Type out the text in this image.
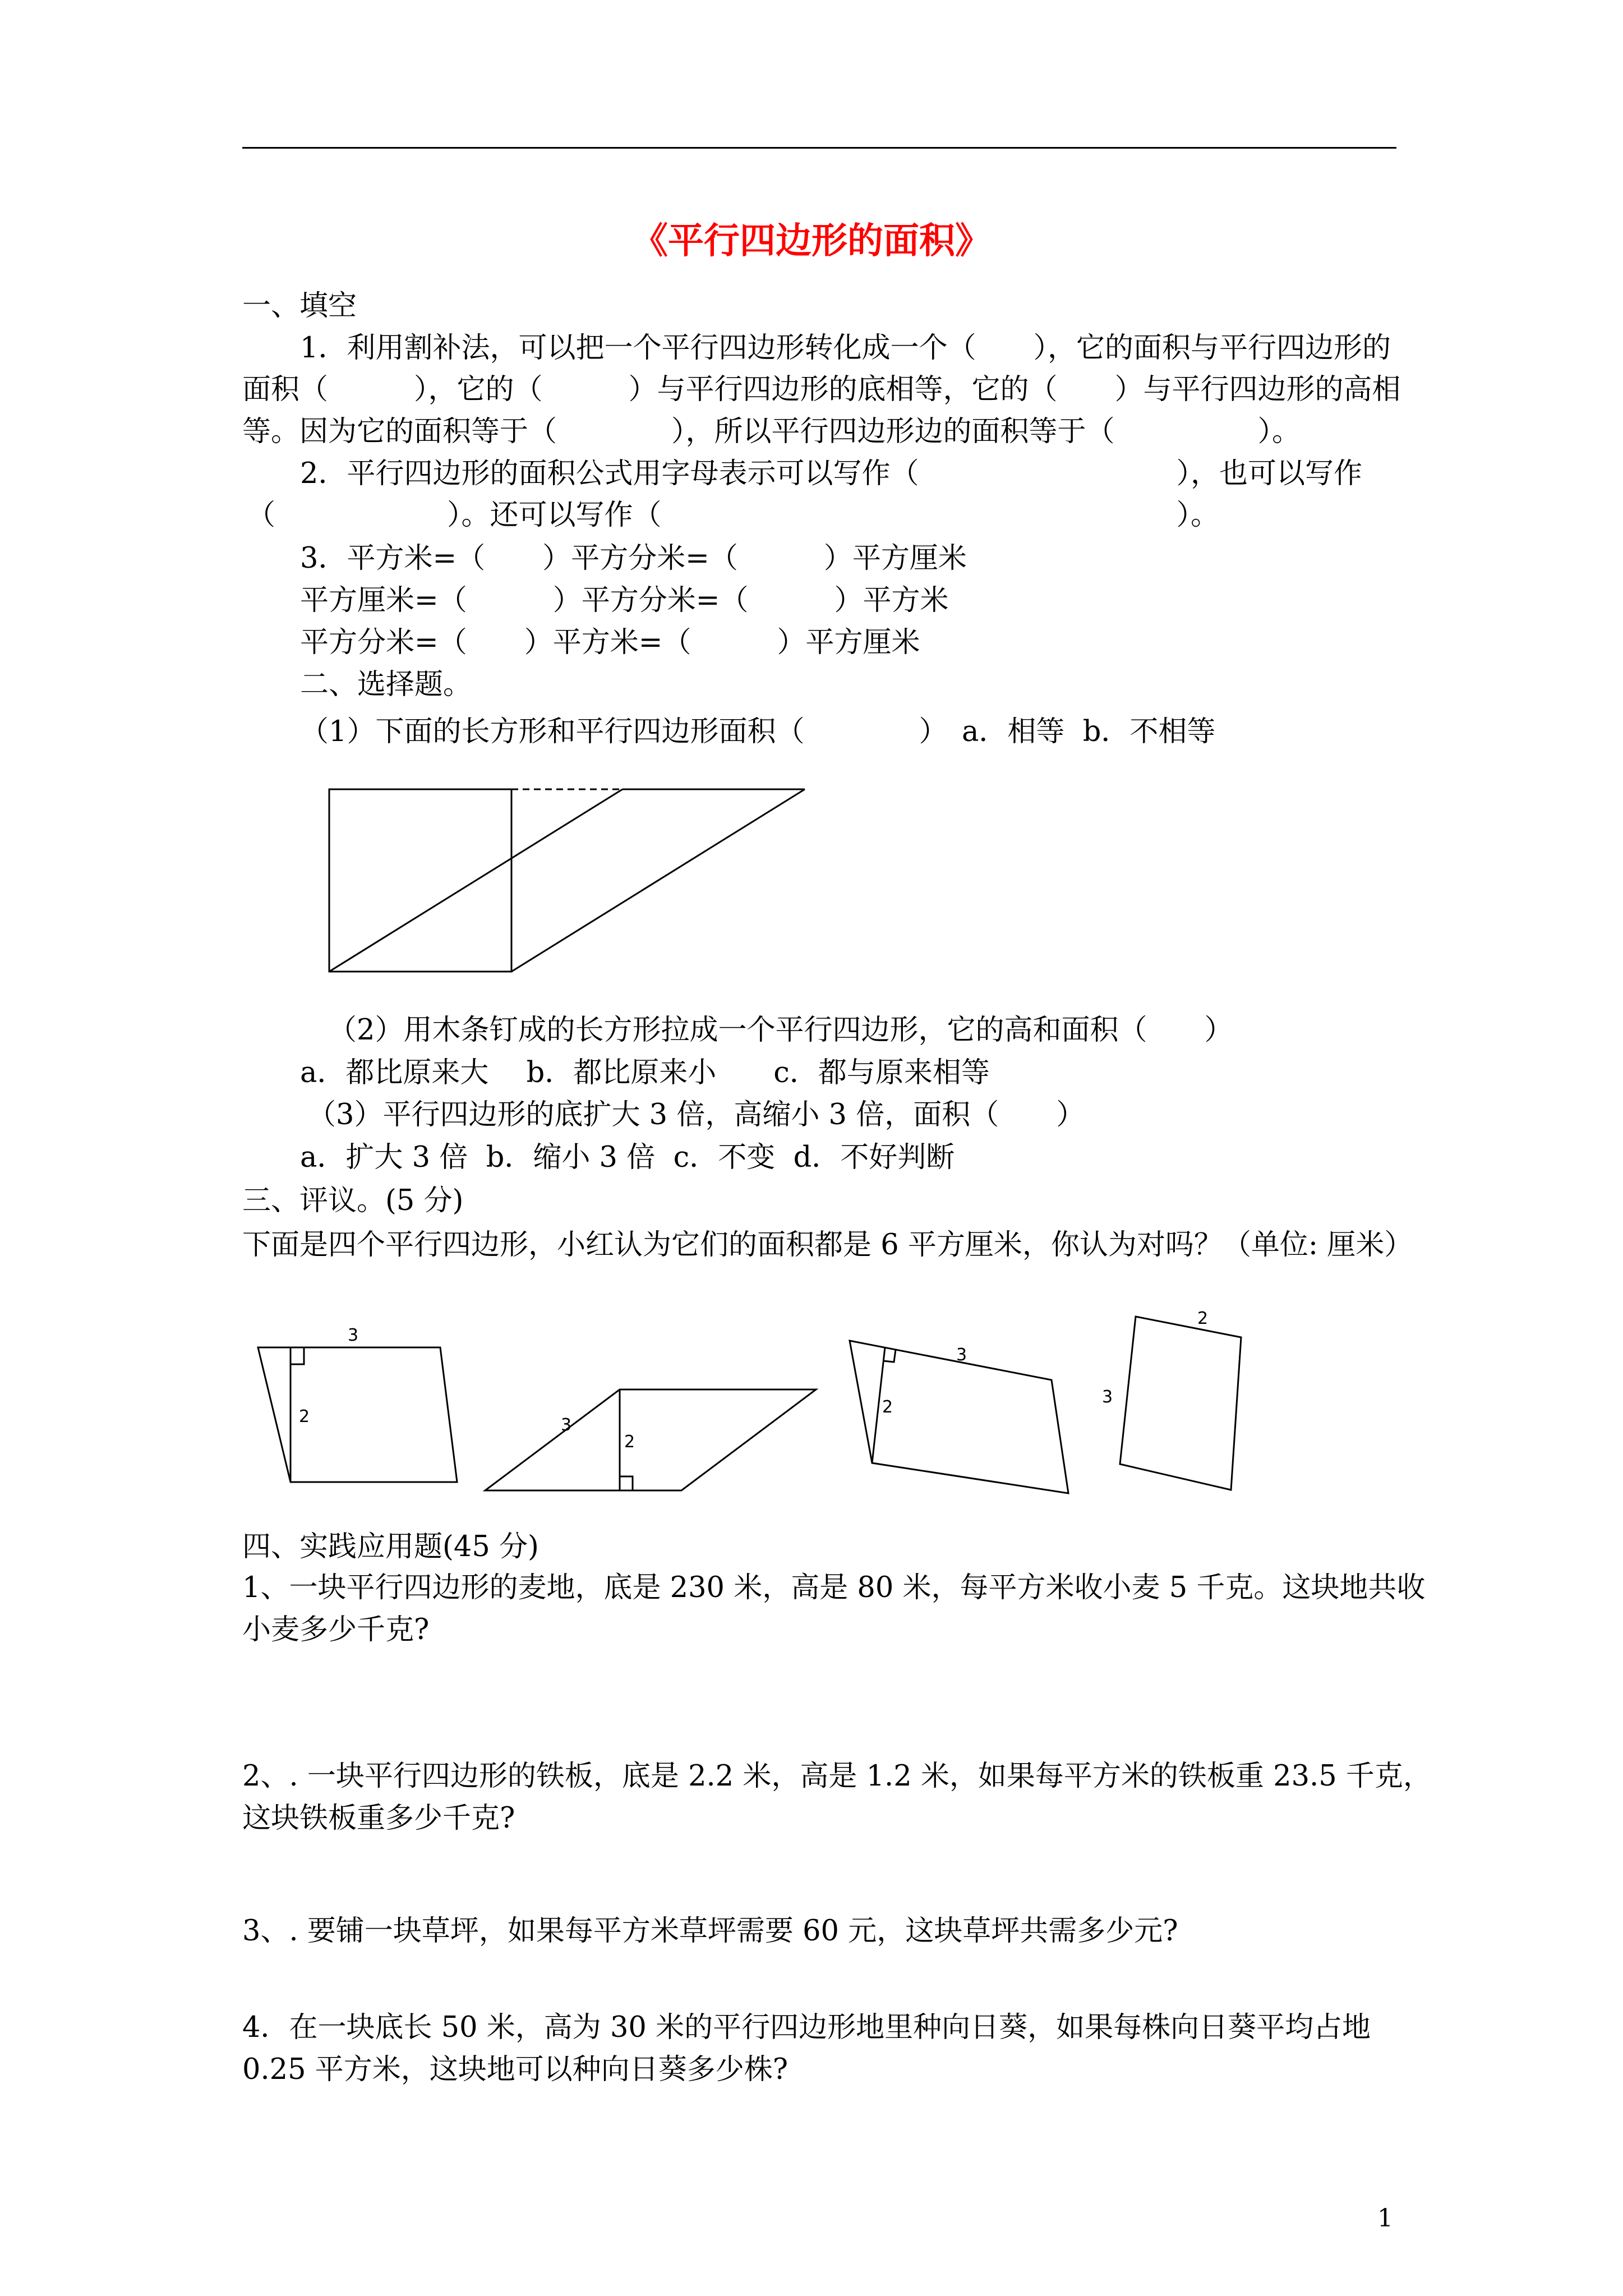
《平行四边形的面积》
一、填空
1．利用割补法，可以把一个平行四边形转化成一个（　　），它的面积与平行四边形的
面积（　　　），它的（　　　）与平行四边形的底相等，它的（　　）与平行四边形的高相
等。因为它的面积等于（　　　　），所以平行四边形边的面积等于（　　　　　）。
2．平行四边形的面积公式用字母表示可以写作（　　　　　　　　　），也可以写作
（　　　　　　）。还可以写作（　　　　　　　　　　　　　　　　　　）。
3．平方米=（　　）平方分米=（　　　）平方厘米
平方厘米=（　　　）平方分米=（　　　）平方米
平方分米=（　　）平方米=（　　　）平方厘米
二、选择题。
（1）下面的长方形和平行四边形面积（　　　　）　a．相等  b．不相等
（2）用木条钉成的长方形拉成一个平行四边形，它的高和面积（　　）
a．都比原来大　 b．都比原来小　　c．都与原来相等
（3）平行四边形的底扩大 3 倍，高缩小 3 倍，面积（　　）
a．扩大 3 倍  b．缩小 3 倍  c．不变  d．不好判断
三、评议。(5 分)
下面是四个平行四边形，小红认为它们的面积都是 6 平方厘米，你认为对吗？（单位: 厘米）
3
2	3
2
3
2
2
3
四、实践应用题(45 分)
1、一块平行四边形的麦地，底是 230 米，高是 80 米，每平方米收小麦 5 千克。这块地共收
小麦多少千克?
2、. 一块平行四边形的铁板，底是 2.2 米，高是 1.2 米，如果每平方米的铁板重 23.5 千克，
这块铁板重多少千克?
3、. 要铺一块草坪，如果每平方米草坪需要 60 元，这块草坪共需多少元?
4．在一块底长 50 米，高为 30 米的平行四边形地里种向日葵，如果每株向日葵平均占地
0.25 平方米，这块地可以种向日葵多少株?
1
